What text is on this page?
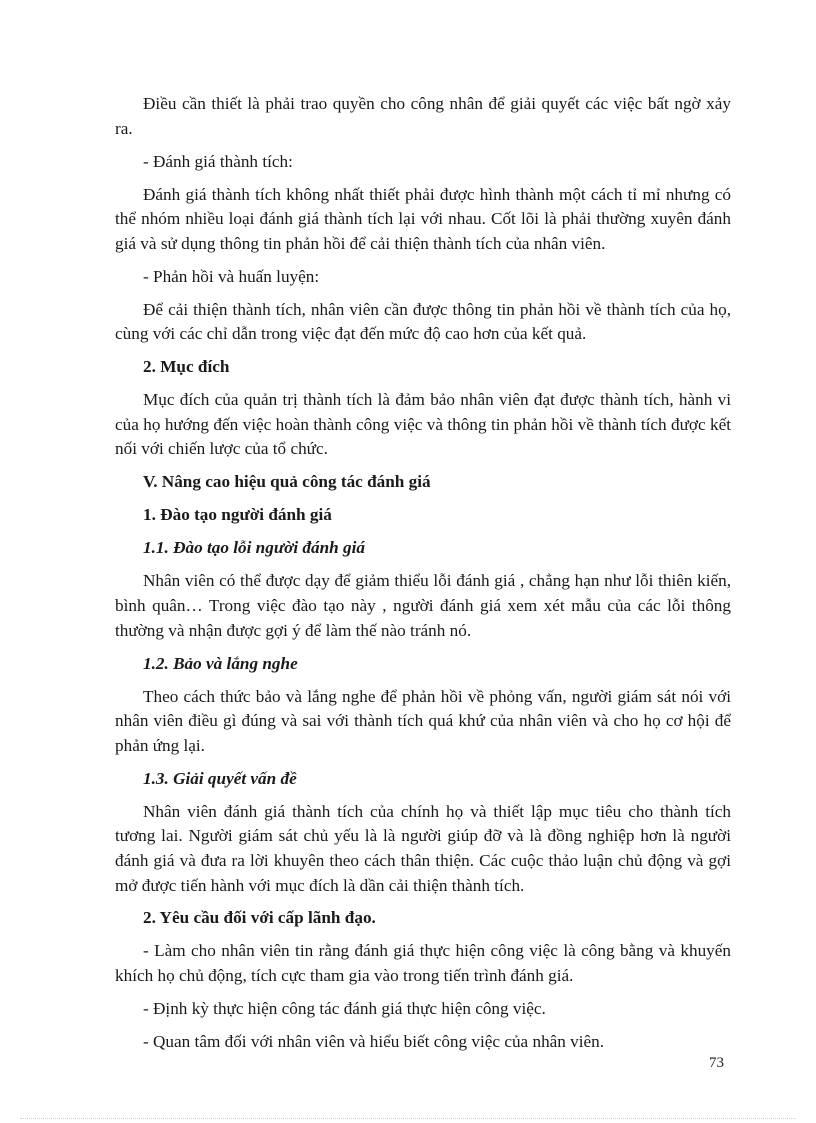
Điều cần thiết là phải trao quyền cho công nhân để giải quyết các việc bất ngờ xảy ra.

- Đánh giá thành tích:

Đánh giá thành tích không nhất thiết phải được hình thành một cách tỉ mỉ nhưng có thể nhóm nhiều loại đánh giá thành tích lại với nhau. Cốt lõi là phải thường xuyên đánh giá và sử dụng thông tin phản hồi để cải thiện thành tích của nhân viên.

- Phản hồi và huấn luyện:

Để cải thiện thành tích, nhân viên cần được thông tin phản hồi về thành tích của họ, cùng với các chỉ dẫn trong việc đạt đến mức độ cao hơn của kết quả.

2. Mục đích

Mục đích của quản trị thành tích là đảm bảo nhân viên đạt được thành tích, hành vi của họ hướng đến việc hoàn thành công việc và thông tin phản hồi về thành tích được kết nối với chiến lược của tổ chức.

V. Nâng cao hiệu quả công tác đánh giá

1. Đào tạo người đánh giá

1.1. Đào tạo lỗi người đánh giá

Nhân viên có thể được dạy để giảm thiểu lỗi đánh giá , chẳng hạn như lỗi thiên kiến, bình quân… Trong việc đào tạo này , người đánh giá xem xét mẫu của các lỗi thông thường và nhận được gợi ý để làm thế nào tránh nó.

1.2. Bảo và lắng nghe

Theo cách thức bảo và lắng nghe để phản hồi về phỏng vấn, người giám sát nói với nhân viên điều gì đúng và sai với thành tích quá khứ của nhân viên và cho họ cơ hội để phản ứng lại.

1.3. Giải quyết vấn đề

Nhân viên đánh giá thành tích của chính họ và thiết lập mục tiêu cho thành tích tương lai. Người giám sát chủ yếu là là người giúp đỡ và là đồng nghiệp hơn là người đánh giá và đưa ra lời khuyên theo cách thân thiện. Các cuộc thảo luận chủ động và gợi mở được tiến hành với mục đích là dần cải thiện thành tích.

2. Yêu cầu đối với cấp lãnh đạo.

- Làm cho nhân viên tin rằng đánh giá thực hiện công việc là công bằng và khuyến khích họ chủ động, tích cực tham gia vào trong tiến trình đánh giá.

- Định kỳ thực hiện công tác đánh giá thực hiện công việc.

- Quan tâm đối với nhân viên và hiểu biết công việc của nhân viên.

73
